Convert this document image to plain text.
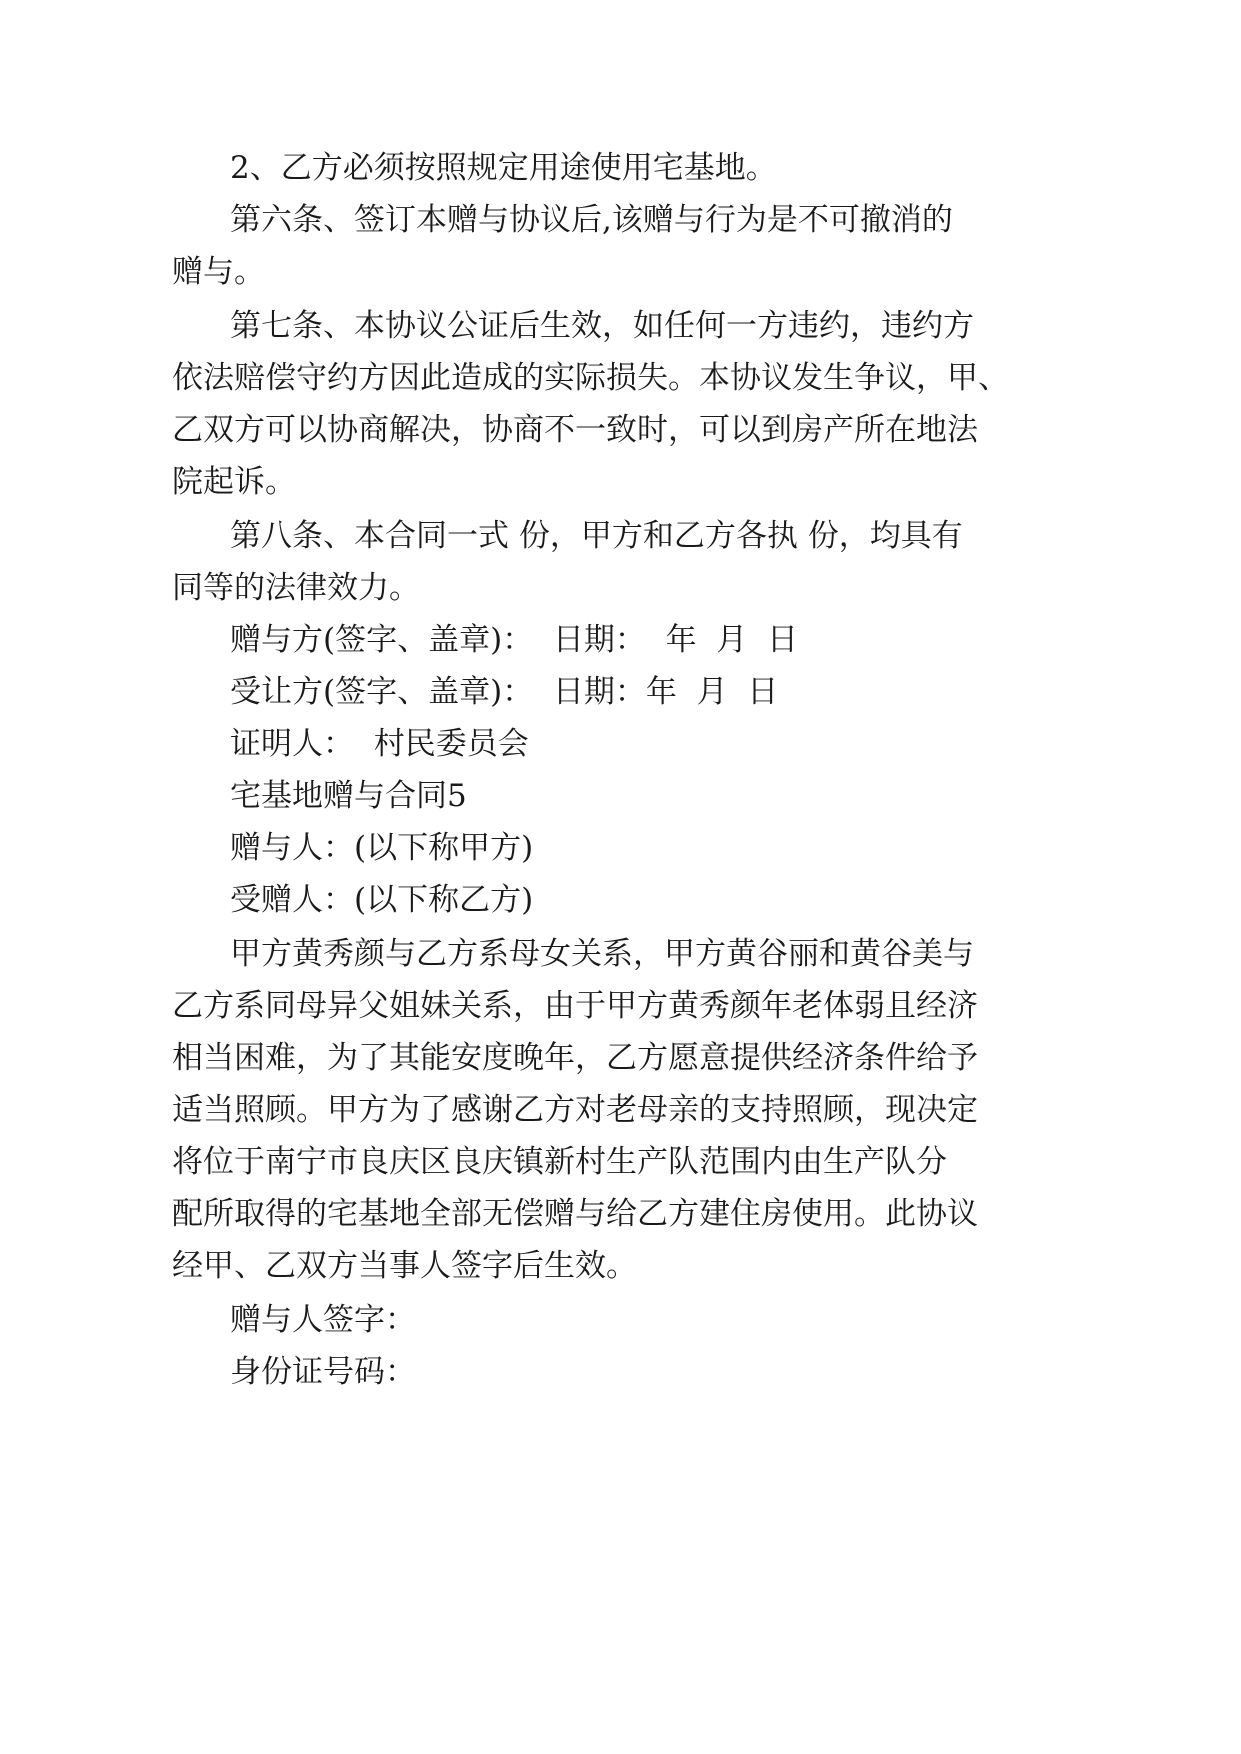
2、乙方必须按照规定用途使用宅基地。
第 六 条 、 签 订 本 赠 与 协 议 后 , 该 赠 与 行 为 是 不 可 撤 消 的
赠与。
第 七 条 、 本 协 议 公 证 后 生 效 ， 如 任 何 一 方 违 约 ， 违 约 方
依 法 赔 偿 守 约 方 因 此 造 成 的 实 际 损 失 。 本 协 议 发 生 争 议 ， 甲 、
乙 双 方 可 以 协 商 解 决 ， 协 商 不 一 致 时 ， 可 以 到 房 产 所 在 地 法
院起诉。
第 八 条 、 本 合 同 一 式
份 ， 甲 方 和 乙 方 各 执
份 ， 均 具 有
同等的法律效力。
赠与方(签字、盖章)：  日期：  年  月  日
受让方(签字、盖章)：  日期：年  月  日
证明人：  村民委员会
宅基地赠与合同5
赠与人：(以下称甲方)
受赠人：(以下称乙方)
甲 方 黄 秀 颜 与 乙 方 系 母 女 关 系 ， 甲 方 黄 谷 丽 和 黄 谷 美 与
乙 方 系 同 母 异 父 姐 妹 关 系 ， 由 于 甲 方 黄 秀 颜 年 老 体 弱 且 经 济
相 当 困 难 ， 为 了 其 能 安 度 晚 年 ， 乙 方 愿 意 提 供 经 济 条 件 给 予
适 当 照 顾 。 甲 方 为 了 感 谢 乙 方 对 老 母 亲 的 支 持 照 顾 ， 现 决 定
将 位 于 南 宁 市 良 庆 区 良 庆 镇 新 村 生 产 队 范 围 内 由 生 产 队 分
配 所 取 得 的 宅 基 地 全 部 无 偿 赠 与 给 乙 方 建 住 房 使 用 。 此 协 议
经甲、乙双方当事人签字后生效。
赠与人签字：
身份证号码：
